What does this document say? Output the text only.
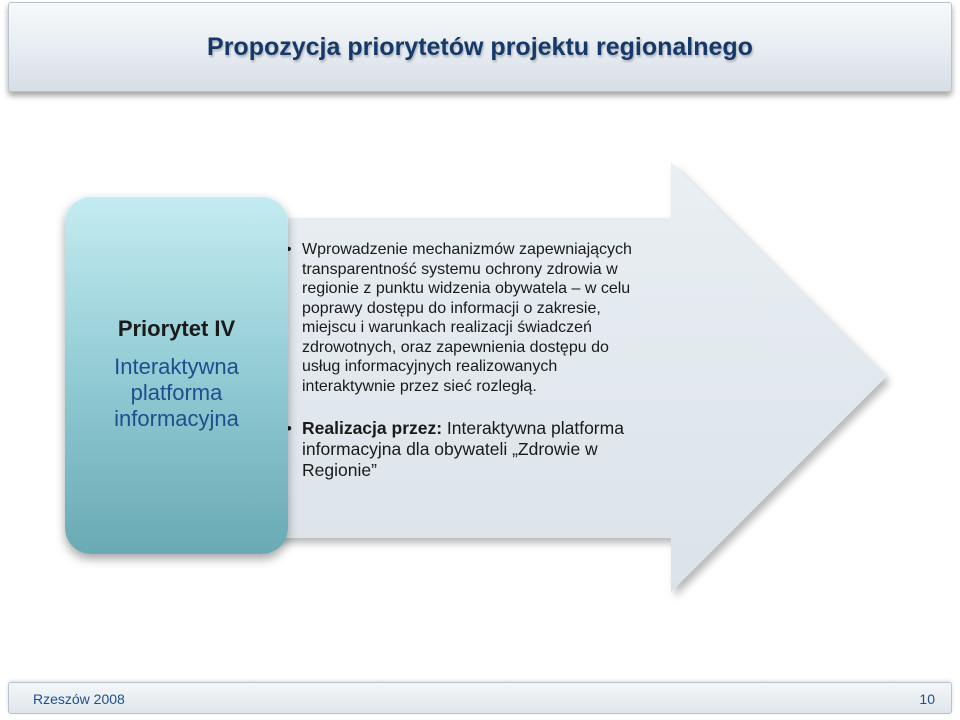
Propozycja priorytetów projektu regionalnego
• Wprowadzenie mechanizmów zapewniających
transparentność systemu ochrony zdrowia w
regionie z punktu widzenia obywatela – w celu
poprawy dostępu do informacji o zakresie,
miejscu i warunkach realizacji świadczeń
zdrowotnych, oraz zapewnienia dostępu do
usług informacyjnych realizowanych
interaktywnie przez sieć rozległą.
• Realizacja przez: Interaktywna platforma
informacyjna dla obywateli „Zdrowie w
Regionie”
Priorytet IV
Interaktywna
platforma
informacyjna
Rzeszów 2008	10
